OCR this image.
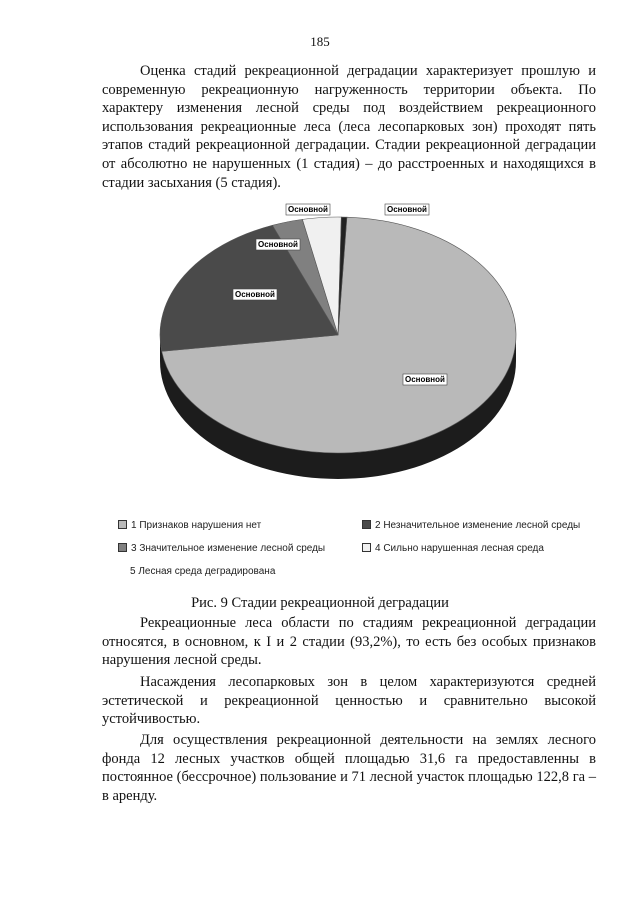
185

Оценка стадий рекреационной деградации характеризует прошлую и современную рекреационную нагруженность территории объекта. По характеру изменения лесной среды под воздействием рекреационного использования рекреационные леса (леса лесопарковых зон) проходят пять этапов стадий рекреационной деградации. Стадии рекреационной деградации от абсолютно не нарушенных (1 стадия) – до расстроенных и находящихся в стадии засыхания (5 стадия).

Основной
Основной
Основной
Основной	Основной
1 Признаков нарушения нет	2 Незначительное изменение лесной среды
3 Значительное изменение лесной среды	4 Сильно нарушенная лесная среда
5 Лесная среда деградирована
Рис. 9 Стадии рекреационной деградации

Рекреационные леса области по стадиям рекреационной деградации относятся, в основном, к I и 2 стадии (93,2%), то есть без особых признаков нарушения лесной среды.

Насаждения лесопарковых зон в целом характеризуются средней эстетической и рекреационной ценностью и сравнительно высокой устойчивостью.

Для осуществления рекреационной деятельности на землях лесного фонда 12 лесных участков общей площадью 31,6 га предоставленны в постоянное (бессрочное) пользование и 71 лесной участок площадью 122,8 га – в аренду.
